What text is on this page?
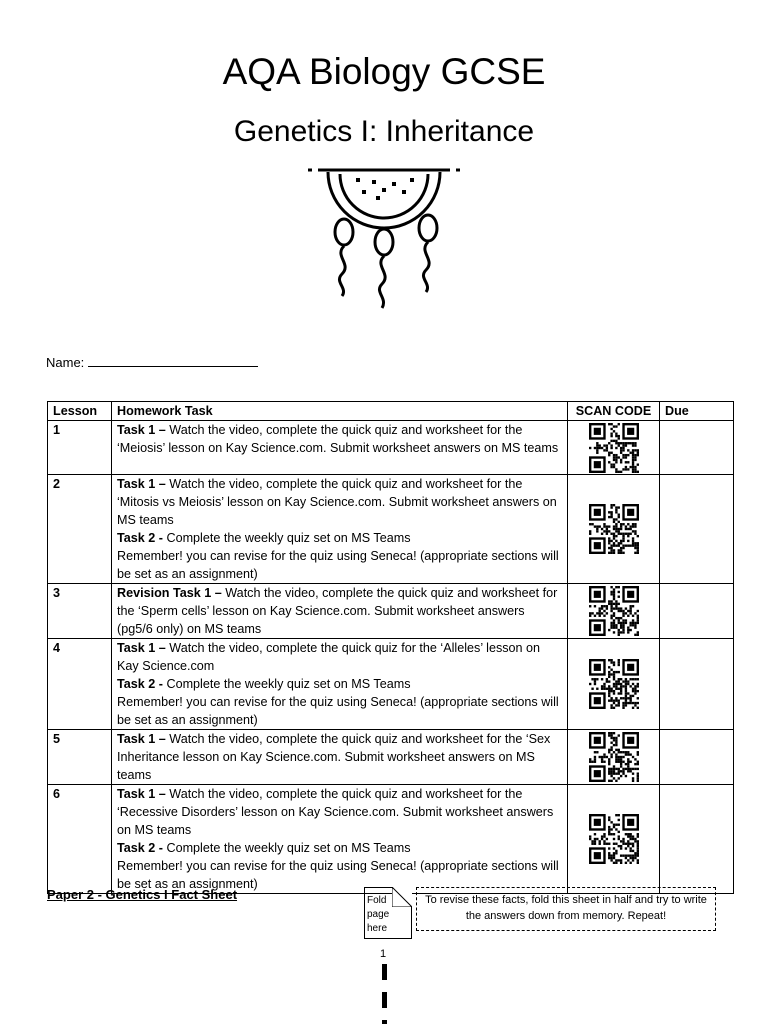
AQA Biology GCSE
Genetics I: Inheritance
Name:
Lesson	Homework Task	SCAN CODE	Due
1	Task 1 – Watch the video, complete the quick quiz and worksheet for the ‘Meiosis’ lesson on Kay Science.com. Submit worksheet answers on MS teams

2	Task 1 – Watch the video, complete the quick quiz and worksheet for the ‘Mitosis vs Meiosis’ lesson on Kay Science.com. Submit worksheet answers on MS teams
Task 2 - Complete the weekly quiz set on MS Teams
Remember! you can revise for the quiz using Seneca! (appropriate sections will be set as an assignment)

3	Revision Task 1 – Watch the video, complete the quick quiz and worksheet for the ‘Sperm cells’ lesson on Kay Science.com. Submit worksheet answers (pg5/6 only) on MS teams

4	Task 1 – Watch the video, complete the quick quiz for the ‘Alleles’ lesson on Kay Science.com
Task 2 - Complete the weekly quiz set on MS Teams
Remember! you can revise for the quiz using Seneca! (appropriate sections will be set as an assignment)

5	Task 1 – Watch the video, complete the quick quiz and worksheet for the ‘Sex Inheritance lesson on Kay Science.com. Submit worksheet answers on MS teams

6	Task 1 – Watch the video, complete the quick quiz and worksheet for the ‘Recessive Disorders’ lesson on Kay Science.com. Submit worksheet answers on MS teams
Task 2 - Complete the weekly quiz set on MS Teams
Remember! you can revise for the quiz using Seneca! (appropriate sections will be set as an assignment)

Paper 2 - Genetics I Fact Sheet	Fold
page
here
To revise these facts, fold this sheet in half and try to write the answers down from memory. Repeat!
1
